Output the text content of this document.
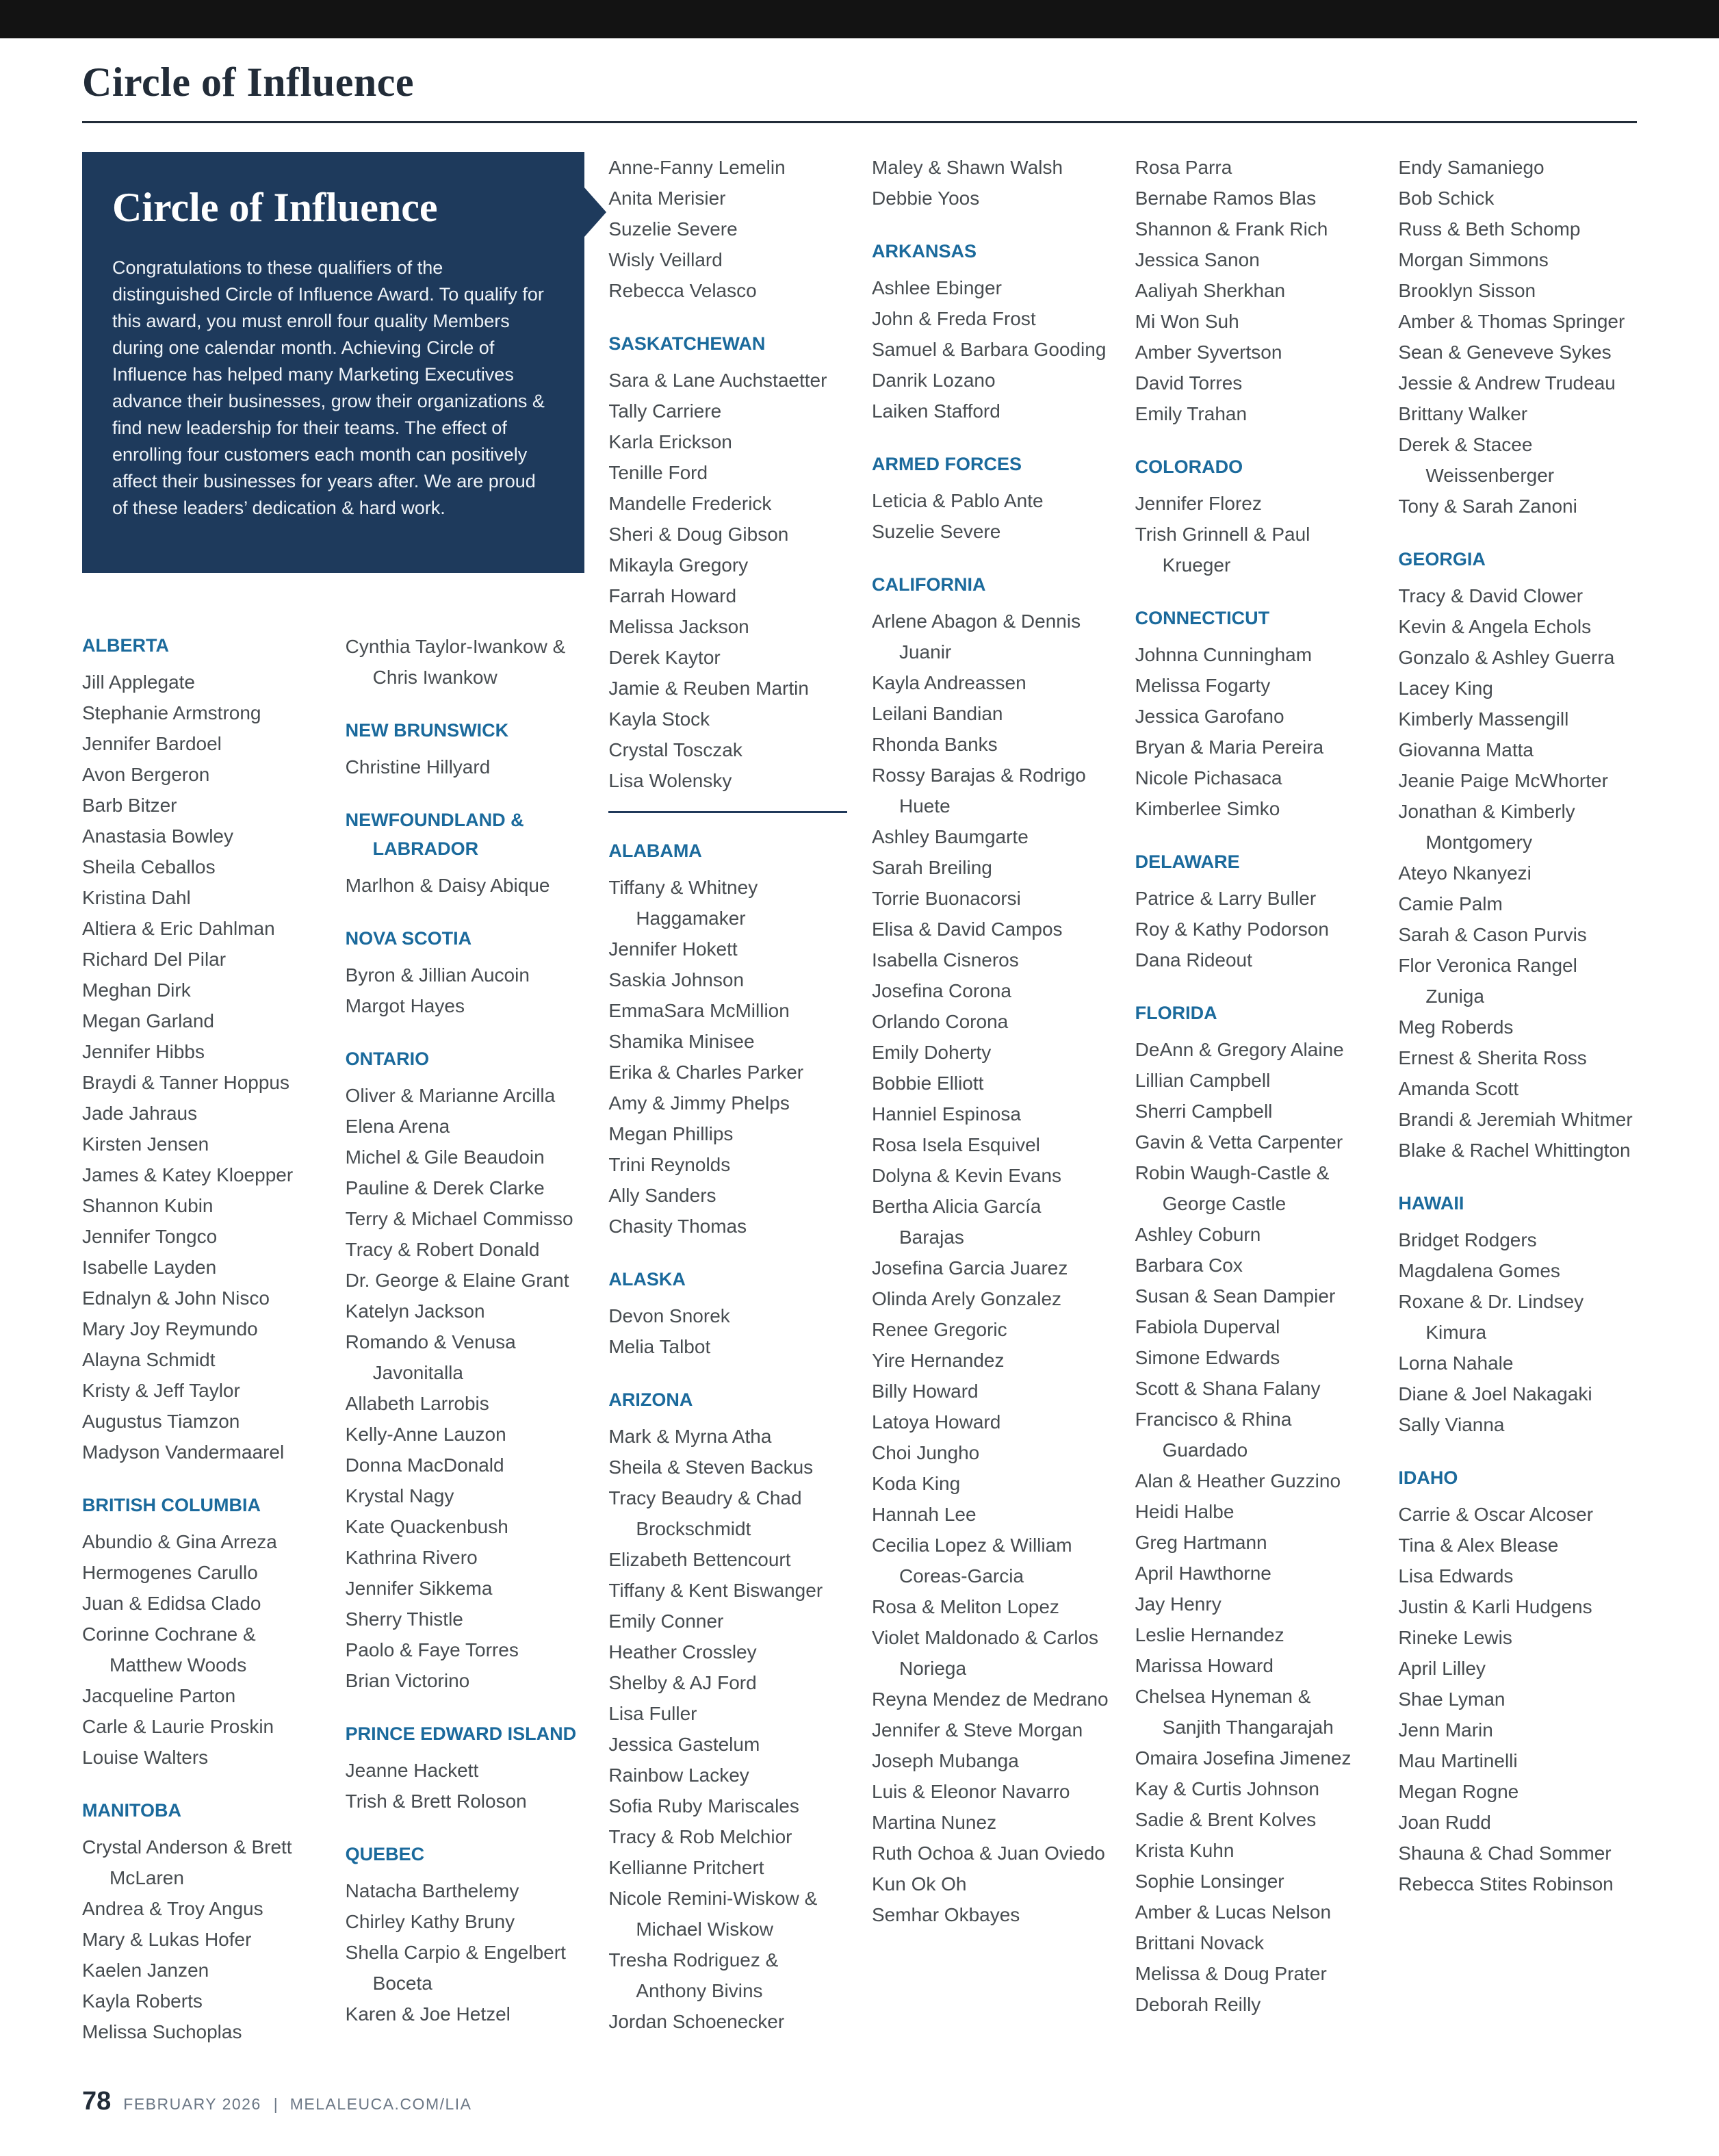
Circle of Influence
Circle of Influence

Congratulations to these qualifiers of the distinguished Circle of Influence Award. To qualify for this award, you must enroll four quality Members during one calendar month. Achieving Circle of Influence has helped many Marketing Executives advance their businesses, grow their organizations & find new leadership for their teams. The effect of enrolling four customers each month can positively affect their businesses for years after. We are proud of these leaders’ dedication & hard work.

ALBERTA
Jill Applegate
Stephanie Armstrong
Jennifer Bardoel
Avon Bergeron
Barb Bitzer
Anastasia Bowley
Sheila Ceballos
Kristina Dahl
Altiera & Eric Dahlman
Richard Del Pilar
Meghan Dirk
Megan Garland
Jennifer Hibbs
Braydi & Tanner Hoppus
Jade Jahraus
Kirsten Jensen
James & Katey Kloepper
Shannon Kubin
Jennifer Tongco
Isabelle Layden
Ednalyn & John Nisco
Mary Joy Reymundo
Alayna Schmidt
Kristy & Jeff Taylor
Augustus Tiamzon
Madyson Vandermaarel
BRITISH COLUMBIA
Abundio & Gina Arreza
Hermogenes Carullo
Juan & Edidsa Clado
Corinne Cochrane & Matthew Woods
Jacqueline Parton
Carle & Laurie Proskin
Louise Walters
MANITOBA
Crystal Anderson & Brett McLaren
Andrea & Troy Angus
Mary & Lukas Hofer
Kaelen Janzen
Kayla Roberts
Melissa Suchoplas
Cynthia Taylor-Iwankow & Chris Iwankow
NEW BRUNSWICK
Christine Hillyard
NEWFOUNDLAND & LABRADOR
Marlhon & Daisy Abique
NOVA SCOTIA
Byron & Jillian Aucoin
Margot Hayes
ONTARIO
Oliver & Marianne Arcilla
Elena Arena
Michel & Gile Beaudoin
Pauline & Derek Clarke
Terry & Michael Commisso
Tracy & Robert Donald
Dr. George & Elaine Grant
Katelyn Jackson
Romando & Venusa Javonitalla
Allabeth Larrobis
Kelly-Anne Lauzon
Donna MacDonald
Krystal Nagy
Kate Quackenbush
Kathrina Rivero
Jennifer Sikkema
Sherry Thistle
Paolo & Faye Torres
Brian Victorino
PRINCE EDWARD ISLAND
Jeanne Hackett
Trish & Brett Roloson
QUEBEC
Natacha Barthelemy
Chirley Kathy Bruny
Shella Carpio & Engelbert Boceta
Karen & Joe Hetzel
Anne-Fanny Lemelin
Anita Merisier
Suzelie Severe
Wisly Veillard
Rebecca Velasco
SASKATCHEWAN
Sara & Lane Auchstaetter
Tally Carriere
Karla Erickson
Tenille Ford
Mandelle Frederick
Sheri & Doug Gibson
Mikayla Gregory
Farrah Howard
Melissa Jackson
Derek Kaytor
Jamie & Reuben Martin
Kayla Stock
Crystal Tosczak
Lisa Wolensky
ALABAMA
Tiffany & Whitney Haggamaker
Jennifer Hokett
Saskia Johnson
EmmaSara McMillion
Shamika Minisee
Erika & Charles Parker
Amy & Jimmy Phelps
Megan Phillips
Trini Reynolds
Ally Sanders
Chasity Thomas
ALASKA
Devon Snorek
Melia Talbot
ARIZONA
Mark & Myrna Atha
Sheila & Steven Backus
Tracy Beaudry & Chad Brockschmidt
Elizabeth Bettencourt
Tiffany & Kent Biswanger
Emily Conner
Heather Crossley
Shelby & AJ Ford
Lisa Fuller
Jessica Gastelum
Rainbow Lackey
Sofia Ruby Mariscales
Tracy & Rob Melchior
Kellianne Pritchert
Nicole Remini-Wiskow & Michael Wiskow
Tresha Rodriguez & Anthony Bivins
Jordan Schoenecker
Maley & Shawn Walsh
Debbie Yoos
ARKANSAS
Ashlee Ebinger
John & Freda Frost
Samuel & Barbara Gooding
Danrik Lozano
Laiken Stafford
ARMED FORCES
Leticia & Pablo Ante
Suzelie Severe
CALIFORNIA
Arlene Abagon & Dennis Juanir
Kayla Andreassen
Leilani Bandian
Rhonda Banks
Rossy Barajas & Rodrigo Huete
Ashley Baumgarte
Sarah Breiling
Torrie Buonacorsi
Elisa & David Campos
Isabella Cisneros
Josefina Corona
Orlando Corona
Emily Doherty
Bobbie Elliott
Hanniel Espinosa
Rosa Isela Esquivel
Dolyna & Kevin Evans
Bertha Alicia García Barajas
Josefina Garcia Juarez
Olinda Arely Gonzalez
Renee Gregoric
Yire Hernandez
Billy Howard
Latoya Howard
Choi Jungho
Koda King
Hannah Lee
Cecilia Lopez & William Coreas-Garcia
Rosa & Meliton Lopez
Violet Maldonado & Carlos Noriega
Reyna Mendez de Medrano
Jennifer & Steve Morgan
Joseph Mubanga
Luis & Eleonor Navarro
Martina Nunez
Ruth Ochoa & Juan Oviedo
Kun Ok Oh
Semhar Okbayes
Rosa Parra
Bernabe Ramos Blas
Shannon & Frank Rich
Jessica Sanon
Aaliyah Sherkhan
Mi Won Suh
Amber Syvertson
David Torres
Emily Trahan
COLORADO
Jennifer Florez
Trish Grinnell & Paul Krueger
CONNECTICUT
Johnna Cunningham
Melissa Fogarty
Jessica Garofano
Bryan & Maria Pereira
Nicole Pichasaca
Kimberlee Simko
DELAWARE
Patrice & Larry Buller
Roy & Kathy Podorson
Dana Rideout
FLORIDA
DeAnn & Gregory Alaine
Lillian Campbell
Sherri Campbell
Gavin & Vetta Carpenter
Robin Waugh-Castle & George Castle
Ashley Coburn
Barbara Cox
Susan & Sean Dampier
Fabiola Duperval
Simone Edwards
Scott & Shana Falany
Francisco & Rhina Guardado
Alan & Heather Guzzino
Heidi Halbe
Greg Hartmann
April Hawthorne
Jay Henry
Leslie Hernandez
Marissa Howard
Chelsea Hyneman & Sanjith Thangarajah
Omaira Josefina Jimenez
Kay & Curtis Johnson
Sadie & Brent Kolves
Krista Kuhn
Sophie Lonsinger
Amber & Lucas Nelson
Brittani Novack
Melissa & Doug Prater
Deborah Reilly
Endy Samaniego
Bob Schick
Russ & Beth Schomp
Morgan Simmons
Brooklyn Sisson
Amber & Thomas Springer
Sean & Geneveve Sykes
Jessie & Andrew Trudeau
Brittany Walker
Derek & Stacee Weissenberger
Tony & Sarah Zanoni
GEORGIA
Tracy & David Clower
Kevin & Angela Echols
Gonzalo & Ashley Guerra
Lacey King
Kimberly Massengill
Giovanna Matta
Jeanie Paige McWhorter
Jonathan & Kimberly Montgomery
Ateyo Nkanyezi
Camie Palm
Sarah & Cason Purvis
Flor Veronica Rangel Zuniga
Meg Roberds
Ernest & Sherita Ross
Amanda Scott
Brandi & Jeremiah Whitmer
Blake & Rachel Whittington
HAWAII
Bridget Rodgers
Magdalena Gomes
Roxane & Dr. Lindsey Kimura
Lorna Nahale
Diane & Joel Nakagaki
Sally Vianna
IDAHO
Carrie & Oscar Alcoser
Tina & Alex Blease
Lisa Edwards
Justin & Karli Hudgens
Rineke Lewis
April Lilley
Shae Lyman
Jenn Marin
Mau Martinelli
Megan Rogne
Joan Rudd
Shauna & Chad Sommer
Rebecca Stites Robinson
78 FEBRUARY 2026 | MELALEUCA.COM/LIA
